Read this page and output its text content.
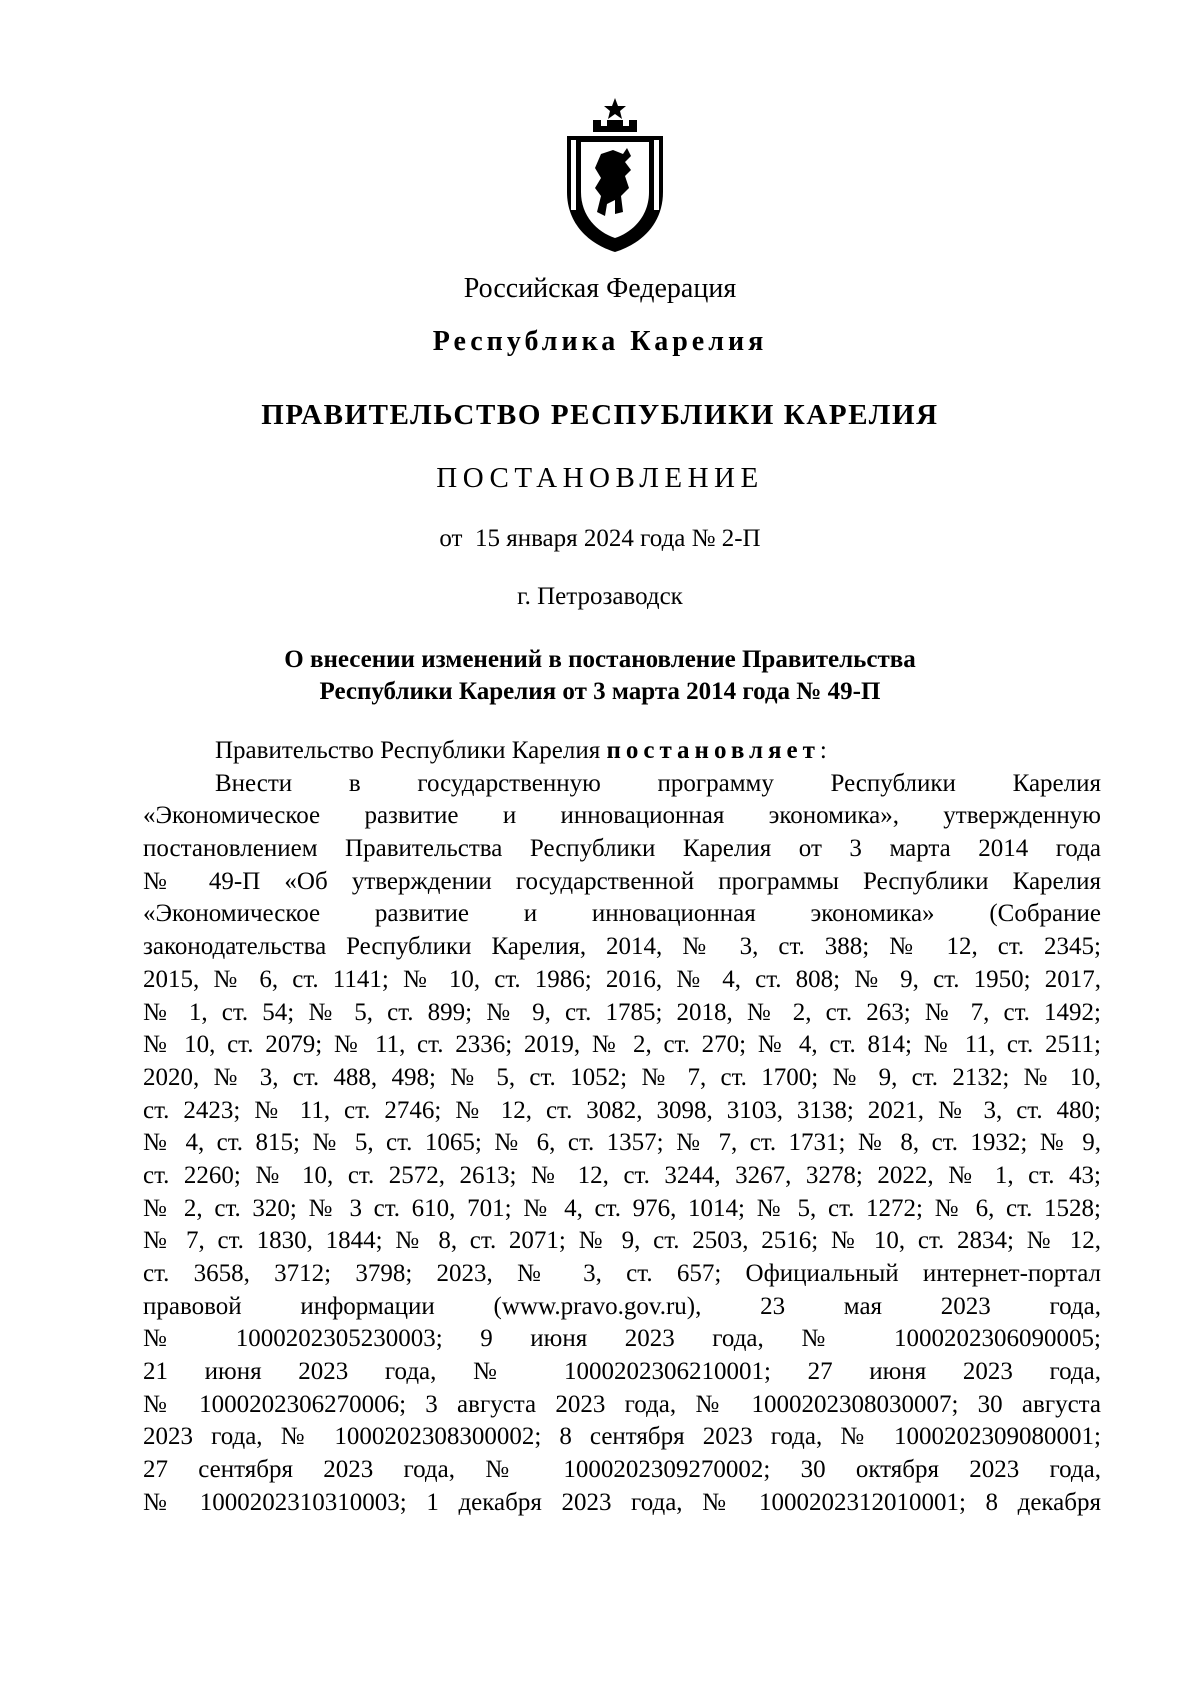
Российская Федерация
Республика Карелия
ПРАВИТЕЛЬСТВО РЕСПУБЛИКИ КАРЕЛИЯ
ПОСТАНОВЛЕНИЕ
от  15 января 2024 года № 2-П
г. Петрозаводск
О внесении изменений в постановление Правительства
Республики Карелия от 3 марта 2014 года № 49-П
Правительство Республики Карелия постановляет:
Внести в государственную программу Республики Карелия
«Экономическое развитие и инновационная экономика», утвержденную
постановлением Правительства Республики Карелия от 3 марта 2014 года
№ 49-П «Об утверждении государственной программы Республики Карелия
«Экономическое развитие и инновационная экономика» (Собрание
законодательства Республики Карелия, 2014, № 3, ст. 388; № 12, ст. 2345;
2015, № 6, ст. 1141; № 10, ст. 1986; 2016, № 4, ст. 808; № 9, ст. 1950; 2017,
№ 1, ст. 54; № 5, ст. 899; № 9, ст. 1785; 2018, № 2, ст. 263; № 7, ст. 1492;
№ 10, ст. 2079; № 11, ст. 2336; 2019, № 2, ст. 270; № 4, ст. 814; № 11, ст. 2511;
2020, № 3, ст. 488, 498; № 5, ст. 1052; № 7, ст. 1700; № 9, ст. 2132; № 10,
ст. 2423; № 11, ст. 2746; № 12, ст. 3082, 3098, 3103, 3138; 2021, № 3, ст. 480;
№ 4, ст. 815; № 5, ст. 1065; № 6, ст. 1357; № 7, ст. 1731; № 8, ст. 1932; № 9,
ст. 2260; № 10, ст. 2572, 2613; № 12, ст. 3244, 3267, 3278; 2022, № 1, ст. 43;
№ 2, ст. 320; № 3 ст. 610, 701; № 4, ст. 976, 1014; № 5, ст. 1272; № 6, ст. 1528;
№ 7, ст. 1830, 1844; № 8, ст. 2071; № 9, ст. 2503, 2516; № 10, ст. 2834; № 12,
ст. 3658, 3712; 3798; 2023, № 3, ст. 657; Официальный интернет-портал
правовой информации (www.pravo.gov.ru), 23 мая 2023 года,
№ 1000202305230003; 9 июня 2023 года, № 1000202306090005;
21 июня 2023 года, № 1000202306210001; 27 июня 2023 года,
№ 1000202306270006; 3 августа 2023 года, № 1000202308030007; 30 августа
2023 года, № 1000202308300002; 8 сентября 2023 года, № 1000202309080001;
27 сентября 2023 года, № 1000202309270002; 30 октября 2023 года,
№ 1000202310310003; 1 декабря 2023 года, № 1000202312010001; 8 декабря
